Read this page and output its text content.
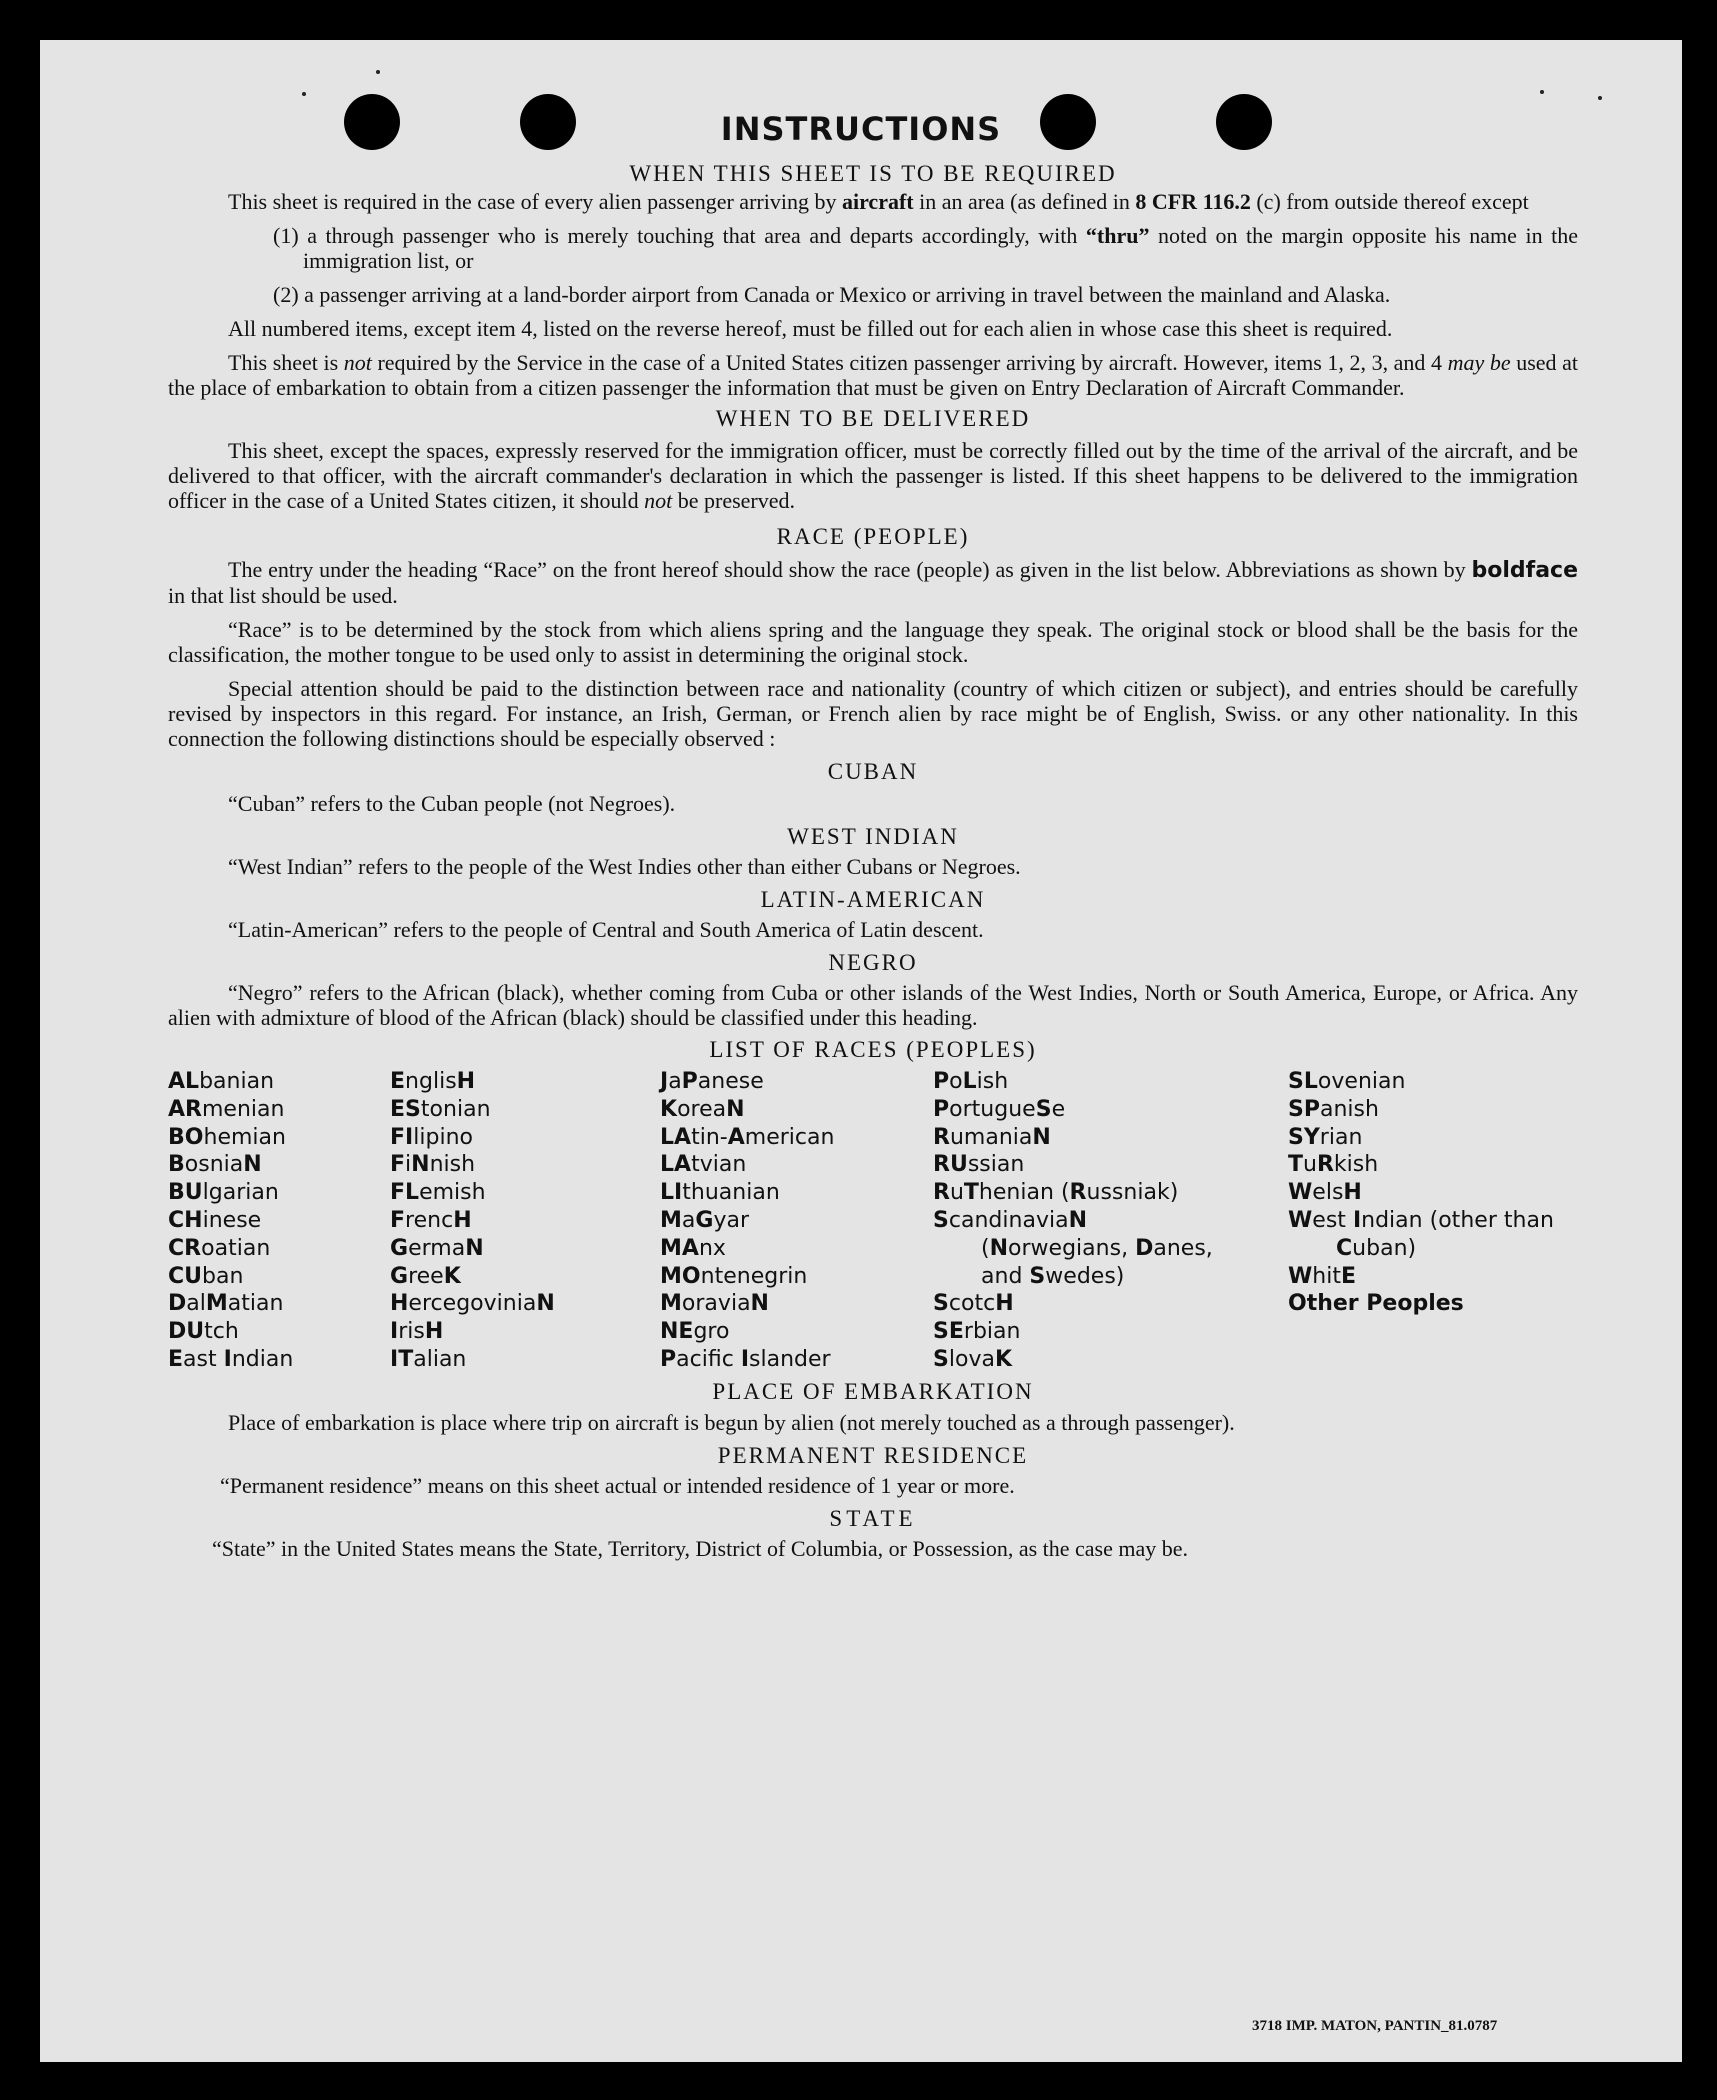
INSTRUCTIONS
WHEN THIS SHEET IS TO BE REQUIRED

This sheet is required in the case of every alien passenger arriving by aircraft in an area (as defined in 8 CFR 116.2 (c) from outside thereof except

(1) a through passenger who is merely touching that area and departs accordingly, with “thru” noted on the margin opposite his name in the immigration list, or

(2) a passenger arriving at a land-border airport from Canada or Mexico or arriving in travel between the mainland and Alaska.

All numbered items, except item 4, listed on the reverse hereof, must be filled out for each alien in whose case this sheet is required.

This sheet is not required by the Service in the case of a United States citizen passenger arriving by aircraft. However, items 1, 2, 3, and 4 may be used at the place of embarkation to obtain from a citizen passenger the information that must be given on Entry Declaration of Aircraft Commander.

WHEN TO BE DELIVERED

This sheet, except the spaces, expressly reserved for the immigration officer, must be correctly filled out by the time of the arrival of the aircraft, and be delivered to that officer, with the aircraft commander's declaration in which the passenger is listed. If this sheet happens to be delivered to the immigration officer in the case of a United States citizen, it should not be preserved.

RACE (PEOPLE)

The entry under the heading “Race” on the front hereof should show the race (people) as given in the list below. Abbreviations as shown by boldface in that list should be used.

“Race” is to be determined by the stock from which aliens spring and the language they speak. The original stock or blood shall be the basis for the classification, the mother tongue to be used only to assist in determining the original stock.

Special attention should be paid to the distinction between race and nationality (country of which citizen or subject), and entries should be carefully revised by inspectors in this regard. For instance, an Irish, German, or French alien by race might be of English, Swiss. or any other nationality. In this connection the following distinctions should be especially observed :

CUBAN

“Cuban” refers to the Cuban people (not Negroes).

WEST INDIAN

“West Indian” refers to the people of the West Indies other than either Cubans or Negroes.

LATIN-AMERICAN

“Latin-American” refers to the people of Central and South America of Latin descent.

NEGRO

“Negro” refers to the African (black), whether coming from Cuba or other islands of the West Indies, North or South America, Europe, or Africa. Any alien with admixture of blood of the African (black) should be classified under this heading.

LIST OF RACES (PEOPLES)
ALbanian
ARmenian
BOhemian
BosniaN
BUlgarian
CHinese
CRoatian
CUban
DalMatian
DUtch
East Indian
EnglisH
EStonian
FIlipino
FiNnish
FLemish
FrencH
GermaN
GreeK
HercegoviniaN
IrisH
ITalian
JaPanese
KoreaN
LAtin-American
LAtvian
LIthuanian
MaGyar
MAnx
MOntenegrin
MoraviaN
NEgro
Pacifc Islander
PoLish
PortugueSe
RumaniaN
RUssian
RuThenian (Russniak)
ScandinaviaN (Norwegians, Danes, and Swedes)
ScotcH
SErbian
SlovaK
SLovenian
SPanish
SYrian
TuRkish
WelsH
West Indian (other than Cuban)
WhitE
Other Peoples
PLACE OF EMBARKATION

Place of embarkation is place where trip on aircraft is begun by alien (not merely touched as a through passenger).

PERMANENT RESIDENCE

“Permanent residence” means on this sheet actual or intended residence of 1 year or more.

STATE

“State” in the United States means the State, Territory, District of Columbia, or Possession, as the case may be.

3718 IMP. MATON, PANTIN_81.0787
